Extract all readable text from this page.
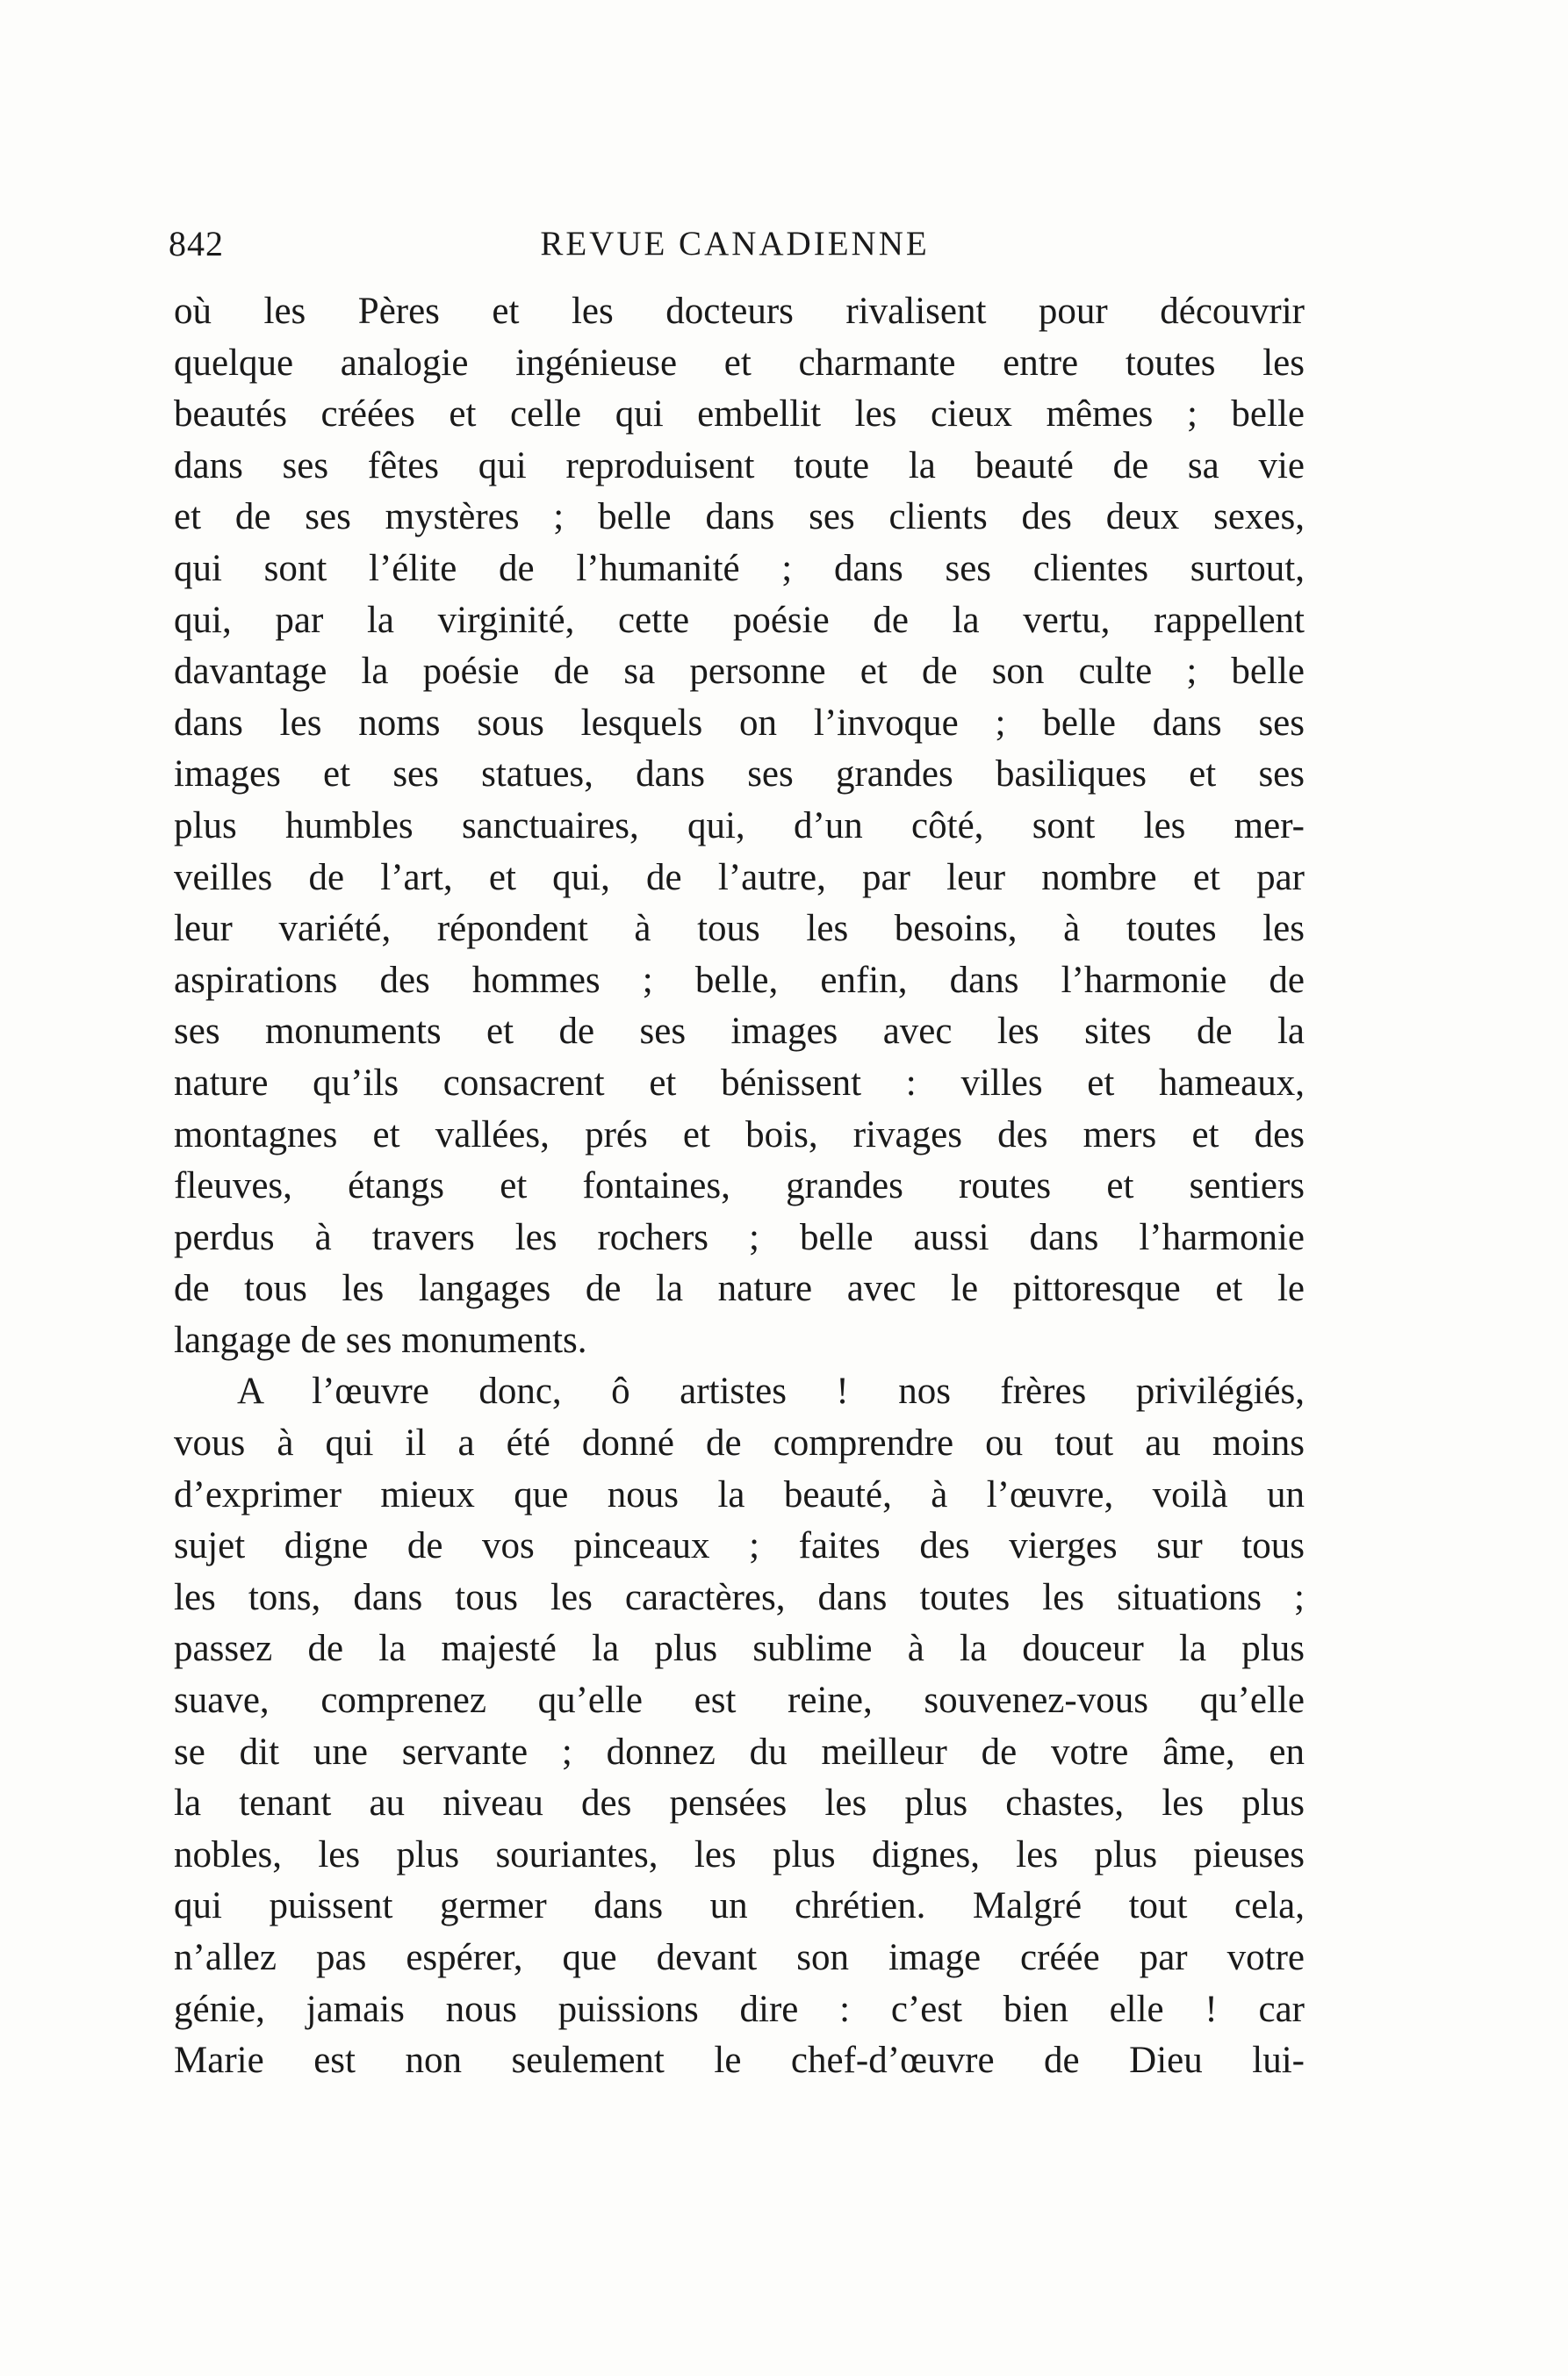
842	REVUE CANADIENNE
où les Pères et les docteurs rivalisent pour découvrir
quelque analogie ingénieuse et charmante entre toutes les
beautés créées et celle qui embellit les cieux mêmes ; belle
dans ses fêtes qui reproduisent toute la beauté de sa vie
et de ses mystères ; belle dans ses clients des deux sexes,
qui sont l’élite de l’humanité ; dans ses clientes surtout,
qui, par la virginité, cette poésie de la vertu, rappellent
davantage la poésie de sa personne et de son culte ; belle
dans les noms sous lesquels on l’invoque ; belle dans ses
images et ses statues, dans ses grandes basiliques et ses
plus humbles sanctuaires, qui, d’un côté, sont les mer-
veilles de l’art, et qui, de l’autre, par leur nombre et par
leur variété, répondent à tous les besoins, à toutes les
aspirations des hommes ; belle, enfin, dans l’harmonie de
ses monuments et de ses images avec les sites de la
nature qu’ils consacrent et bénissent : villes et hameaux,
montagnes et vallées, prés et bois, rivages des mers et des
fleuves, étangs et fontaines, grandes routes et sentiers
perdus à travers les rochers ; belle aussi dans l’harmonie
de tous les langages de la nature avec le pittoresque et le
langage de ses monuments.
A l’œuvre donc, ô artistes ! nos frères privilégiés,
vous à qui il a été donné de comprendre ou tout au moins
d’exprimer mieux que nous la beauté, à l’œuvre, voilà un
sujet digne de vos pinceaux ; faites des vierges sur tous
les tons, dans tous les caractères, dans toutes les situations ;
passez de la majesté la plus sublime à la douceur la plus
suave, comprenez qu’elle est reine, souvenez-vous qu’elle
se dit une servante ; donnez du meilleur de votre âme, en
la tenant au niveau des pensées les plus chastes, les plus
nobles, les plus souriantes, les plus dignes, les plus pieuses
qui puissent germer dans un chrétien. Malgré tout cela,
n’allez pas espérer, que devant son image créée par votre
génie, jamais nous puissions dire : c’est bien elle ! car
Marie est non seulement le chef-d’œuvre de Dieu lui-
